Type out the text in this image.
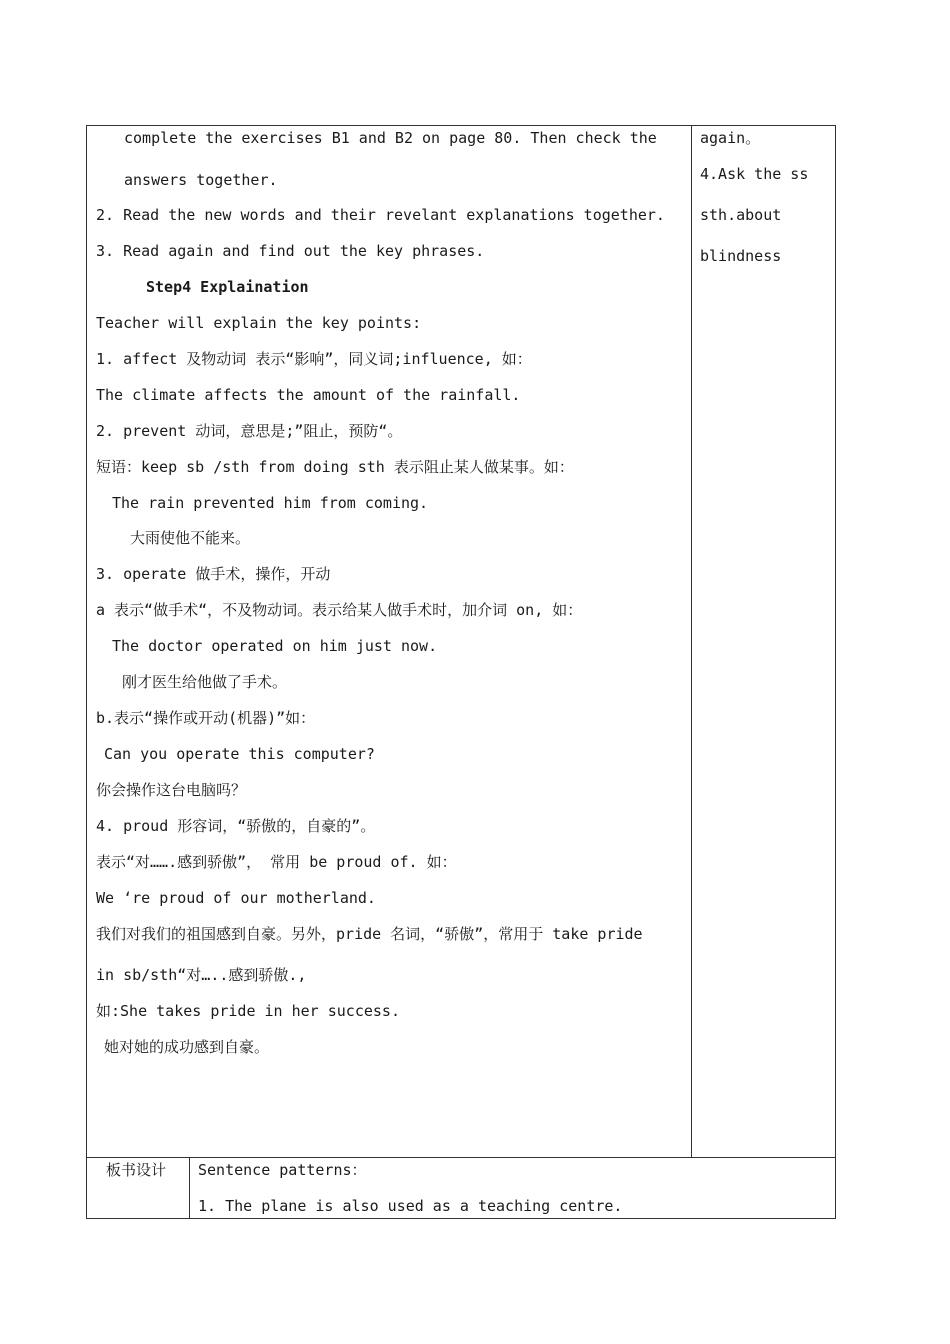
complete the exercises B1 and B2 on page 80. Then check the
answers together.
2. Read the new words and their revelant explanations together.
3. Read again and find out the key phrases.
Step4 Explaination
Teacher will explain the key points:
1. affect 及物动词 表示“影响”，同义词;influence, 如：
The climate affects the amount of the rainfall.
2. prevent 动词，意思是;”阻止，预防“。
短语：keep sb /sth from doing sth 表示阻止某人做某事。如：
The rain prevented him from coming.
大雨使他不能来。
3. operate 做手术，操作，开动
a 表示“做手术“，不及物动词。表示给某人做手术时，加介词 on, 如：
The doctor operated on him just now.
刚才医生给他做了手术。
b.表示“操作或开动(机器)”如：
Can you operate this computer?
你会操作这台电脑吗？
4. proud 形容词，“骄傲的，自豪的”。
表示“对…….感到骄傲”， 常用 be proud of. 如：
We ‘re proud of our motherland.
我们对我们的祖国感到自豪。另外，pride 名词，“骄傲”，常用于 take pride
in sb/sth“对…..感到骄傲.,
如:She takes pride in her success.
她对她的成功感到自豪。
again。
4.Ask the ss
sth.about
blindness
板书设计 Sentence patterns：
1. The plane is also used as a teaching centre.
